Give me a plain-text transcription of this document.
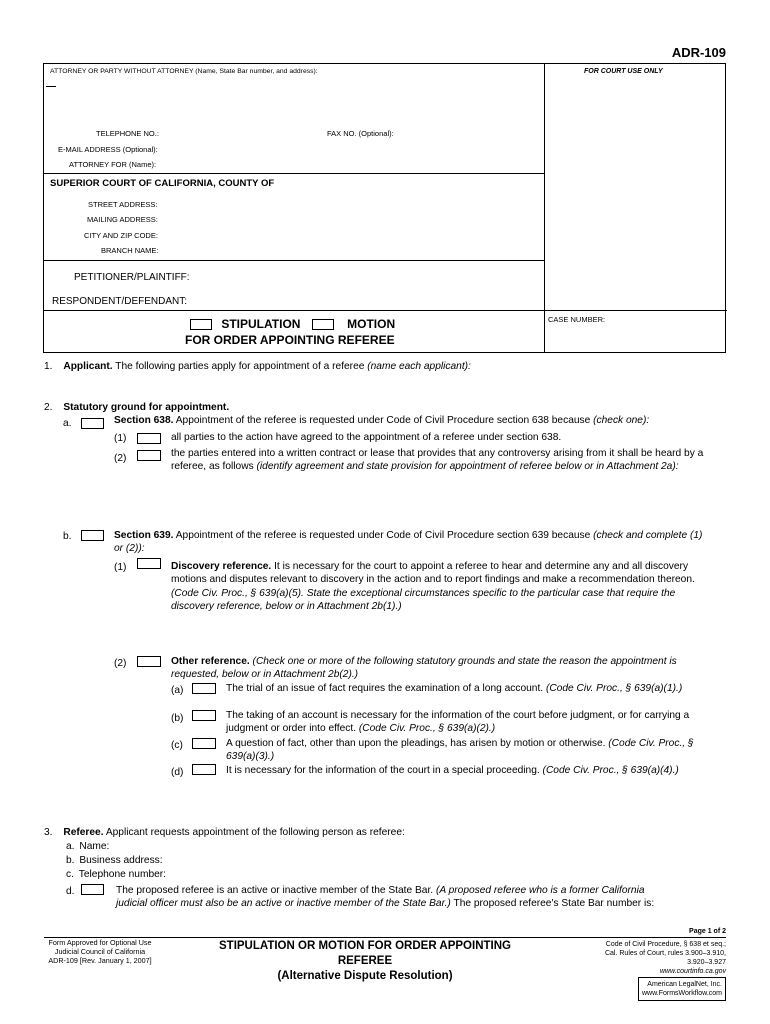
ADR-109
ATTORNEY OR PARTY WITHOUT ATTORNEY (Name, State Bar number, and address):	FOR COURT USE ONLY
TELEPHONE NO.:	FAX NO. (Optional):
E-MAIL ADDRESS (Optional):
ATTORNEY FOR (Name):
SUPERIOR COURT OF CALIFORNIA, COUNTY OF
STREET ADDRESS:
MAILING ADDRESS:
CITY AND ZIP CODE:
BRANCH NAME:
PETITIONER/PLAINTIFF:
RESPONDENT/DEFENDANT:
CASE NUMBER:
STIPULATION	MOTION
FOR ORDER APPOINTING REFEREE
1. Applicant. The following parties apply for appointment of a referee (name each applicant):
2. Statutory ground for appointment.
a.	Section 638. Appointment of the referee is requested under Code of Civil Procedure section 638 because (check one):
(1)	all parties to the action have agreed to the appointment of a referee under section 638.
(2)	the parties entered into a written contract or lease that provides that any controversy arising from it shall be heard by a referee, as follows (identify agreement and state provision for appointment of referee below or in Attachment 2a):
b.	Section 639. Appointment of the referee is requested under Code of Civil Procedure section 639 because (check and complete (1) or (2)):
(1)	Discovery reference. It is necessary for the court to appoint a referee to hear and determine any and all discovery motions and disputes relevant to discovery in the action and to report findings and make a recommendation thereon. (Code Civ. Proc., § 639(a)(5). State the exceptional circumstances specific to the particular case that require the discovery reference, below or in Attachment 2b(1).)
(2)	Other reference. (Check one or more of the following statutory grounds and state the reason the appointment is requested, below or in Attachment 2b(2).)
(a)	The trial of an issue of fact requires the examination of a long account. (Code Civ. Proc., § 639(a)(1).)
(b)	The taking of an account is necessary for the information of the court before judgment, or for carrying a judgment or order into effect. (Code Civ. Proc., § 639(a)(2).)
(c)	A question of fact, other than upon the pleadings, has arisen by motion or otherwise. (Code Civ. Proc., § 639(a)(3).)
(d)	It is necessary for the information of the court in a special proceeding. (Code Civ. Proc., § 639(a)(4).)
3. Referee. Applicant requests appointment of the following person as referee:
a. Name:
b. Business address:
c. Telephone number:
d.	The proposed referee is an active or inactive member of the State Bar. (A proposed referee who is a former California judicial officer must also be an active or inactive member of the State Bar.) The proposed referee's State Bar number is:
Page 1 of 2
Form Approved for Optional Use
Judicial Council of California
ADR-109 [Rev. January 1, 2007]
STIPULATION OR MOTION FOR ORDER APPOINTING
REFEREE
(Alternative Dispute Resolution)
Code of Civil Procedure, § 638 et seq.;
Cal. Rules of Court, rules 3.900–3.910,
3.920–3.927
www.courtinfo.ca.gov
American LegalNet, Inc.
www.FormsWorkflow.com
